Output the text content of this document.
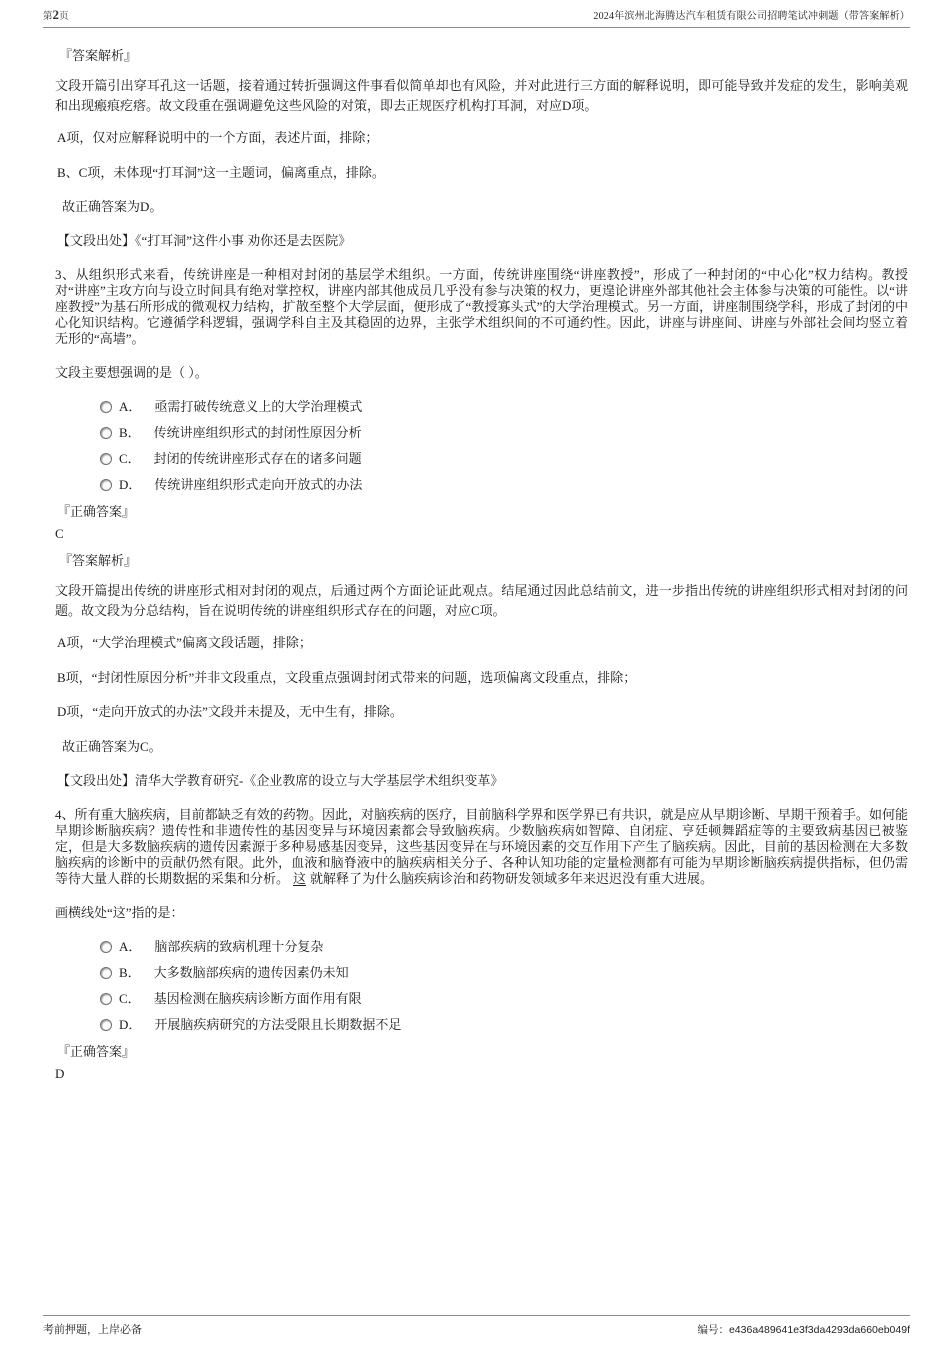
第2页	2024年滨州北海腾达汽车租赁有限公司招聘笔试冲刺题（带答案解析）

『答案解析』

文段开篇引出穿耳孔这一话题，接着通过转折强调这件事看似简单却也有风险，并对此进行三方面的解释说明，即可能导致并发症的发生，影响美观和出现瘢痕疙瘩。故文段重在强调避免这些风险的对策，即去正规医疗机构打耳洞，对应D项。

A项，仅对应解释说明中的一个方面，表述片面，排除；

B、C项，未体现“打耳洞”这一主题词，偏离重点，排除。

故正确答案为D。

【文段出处】《“打耳洞”这件小事 劝你还是去医院》

3、从组织形式来看，传统讲座是一种相对封闭的基层学术组织。一方面，传统讲座围绕“讲座教授”，形成了一种封闭的“中心化”权力结构。教授对“讲座”主攻方向与设立时间具有绝对掌控权，讲座内部其他成员几乎没有参与决策的权力，更遑论讲座外部其他社会主体参与决策的可能性。以“讲座教授”为基石所形成的微观权力结构，扩散至整个大学层面，便形成了“教授寡头式”的大学治理模式。另一方面，讲座制围绕学科，形成了封闭的中心化知识结构。它遵循学科逻辑，强调学科自主及其稳固的边界，主张学术组织间的不可通约性。因此，讲座与讲座间、讲座与外部社会间均竖立着无形的“高墙”。

文段主要想强调的是（ ）。

A． 亟需打破传统意义上的大学治理模式
B． 传统讲座组织形式的封闭性原因分析
C． 封闭的传统讲座形式存在的诸多问题
D． 传统讲座组织形式走向开放式的办法

『正确答案』

C

『答案解析』

文段开篇提出传统的讲座形式相对封闭的观点，后通过两个方面论证此观点。结尾通过因此总结前文，进一步指出传统的讲座组织形式相对封闭的问题。故文段为分总结构，旨在说明传统的讲座组织形式存在的问题，对应C项。

A项，“大学治理模式”偏离文段话题，排除；

B项，“封闭性原因分析”并非文段重点，文段重点强调封闭式带来的问题，选项偏离文段重点，排除；

D项，“走向开放式的办法”文段并未提及，无中生有，排除。

故正确答案为C。

【文段出处】清华大学教育研究-《企业教席的设立与大学基层学术组织变革》

4、所有重大脑疾病，目前都缺乏有效的药物。因此，对脑疾病的医疗，目前脑科学界和医学界已有共识，就是应从早期诊断、早期干预着手。如何能早期诊断脑疾病？遗传性和非遗传性的基因变异与环境因素都会导致脑疾病。少数脑疾病如智障、自闭症、亨廷顿舞蹈症等的主要致病基因已被鉴定，但是大多数脑疾病的遗传因素源于多种易感基因变异，这些基因变异在与环境因素的交互作用下产生了脑疾病。因此，目前的基因检测在大多数脑疾病的诊断中的贡献仍然有限。此外，血液和脑脊液中的脑疾病相关分子、各种认知功能的定量检测都有可能为早期诊断脑疾病提供指标，但仍需等待大量人群的长期数据的采集和分析。 这 就解释了为什么脑疾病诊治和药物研发领域多年来迟迟没有重大进展。

画横线处“这”指的是：

A． 脑部疾病的致病机理十分复杂
B． 大多数脑部疾病的遗传因素仍未知
C． 基因检测在脑疾病诊断方面作用有限
D． 开展脑疾病研究的方法受限且长期数据不足

『正确答案』

D

考前押题，上岸必备	编号：e436a489641e3f3da4293da660eb049f
